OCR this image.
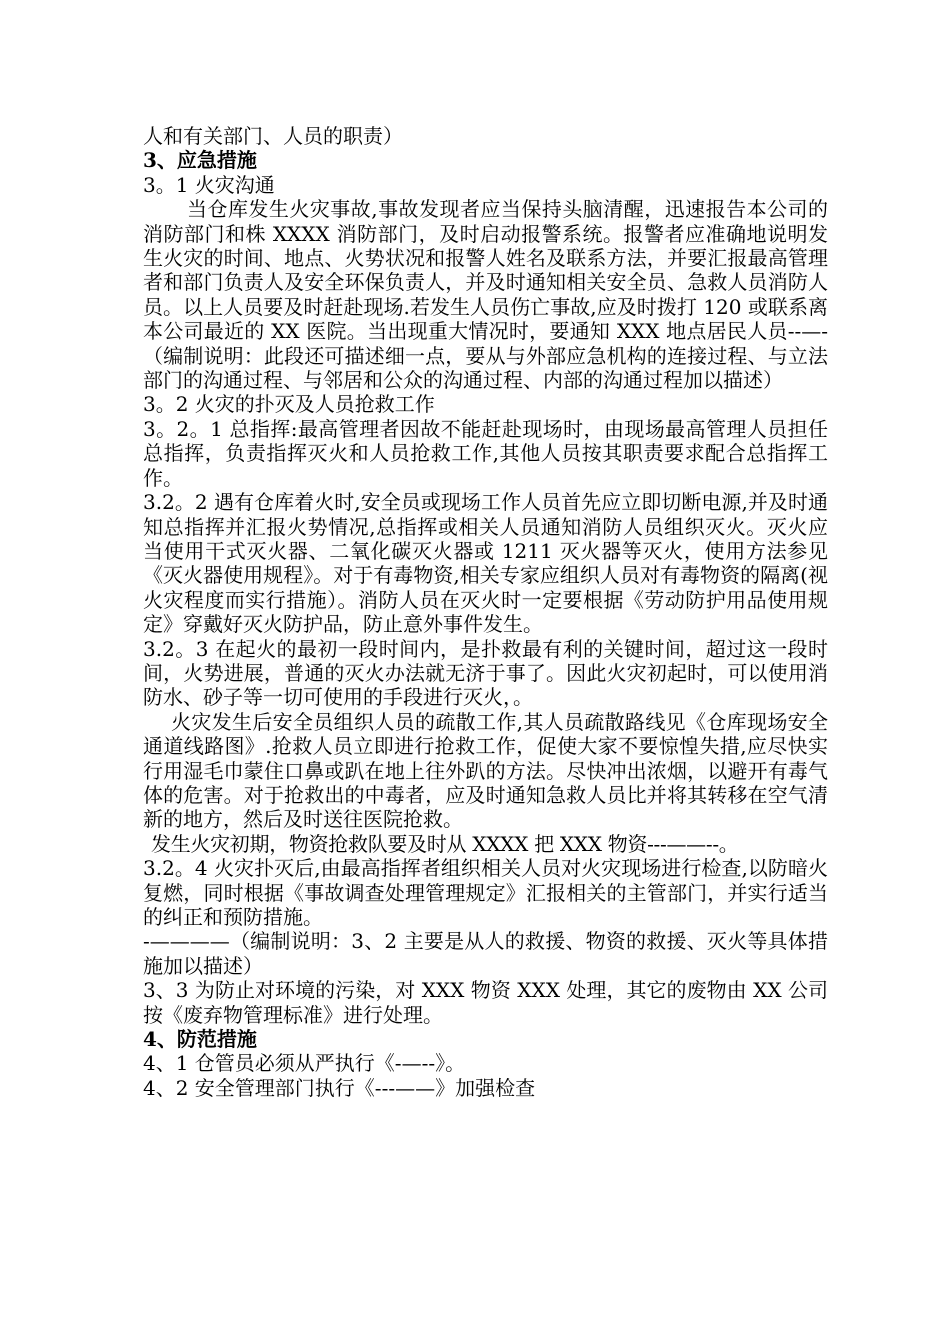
人和有关部门、人员的职责）

3、应急措施

3。1 火灾沟通

当仓库发生火灾事故,事故发现者应当保持头脑清醒，迅速报告本公司的消防部门和株 XXXX 消防部门，及时启动报警系统。报警者应准确地说明发生火灾的时间、地点、火势状况和报警人姓名及联系方法，并要汇报最高管理者和部门负责人及安全环保负责人，并及时通知相关安全员、急救人员消防人员。以上人员要及时赶赴现场.若发生人员伤亡事故,应及时拨打 120 或联系离本公司最近的 XX 医院。当出现重大情况时，要通知 XXX 地点居民人员--—-（编制说明：此段还可描述细一点，要从与外部应急机构的连接过程、与立法部门的沟通过程、与邻居和公众的沟通过程、内部的沟通过程加以描述）

3。2 火灾的扑灭及人员抢救工作

3。2。1 总指挥:最高管理者因故不能赶赴现场时，由现场最高管理人员担任总指挥，负责指挥灭火和人员抢救工作,其他人员按其职责要求配合总指挥工作。

3.2。2 遇有仓库着火时,安全员或现场工作人员首先应立即切断电源,并及时通知总指挥并汇报火势情况,总指挥或相关人员通知消防人员组织灭火。灭火应当使用干式灭火器、二氧化碳灭火器或 1211 灭火器等灭火，使用方法参见《灭火器使用规程》。对于有毒物资,相关专家应组织人员对有毒物资的隔离(视火灾程度而实行措施）。消防人员在灭火时一定要根据《劳动防护用品使用规定》穿戴好灭火防护品，防止意外事件发生。

3.2。3 在起火的最初一段时间内，是扑救最有利的关键时间，超过这一段时间，火势进展，普通的灭火办法就无济于事了。因此火灾初起时，可以使用消防水、砂子等一切可使用的手段进行灭火，。

火灾发生后安全员组织人员的疏散工作,其人员疏散路线见《仓库现场安全通道线路图》.抢救人员立即进行抢救工作，促使大家不要惊惶失措,应尽快实行用湿毛巾蒙住口鼻或趴在地上往外趴的方法。尽快冲出浓烟，以避开有毒气体的危害。对于抢救出的中毒者，应及时通知急救人员比并将其转移在空气清新的地方，然后及时送往医院抢救。

发生火灾初期，物资抢救队要及时从 XXXX 把 XXX 物资---——--。

3.2。4 火灾扑灭后,由最高指挥者组织相关人员对火灾现场进行检查,以防暗火复燃，同时根据《事故调查处理管理规定》汇报相关的主管部门，并实行适当的纠正和预防措施。

-————（编制说明：3、2 主要是从人的救援、物资的救援、灭火等具体措施加以描述）

3、3 为防止对环境的污染，对 XXX 物资 XXX 处理，其它的废物由 XX 公司按《废弃物管理标准》进行处理。

4、防范措施

4、1 仓管员必须从严执行《-—--》。

4、2 安全管理部门执行《---——》加强检查
